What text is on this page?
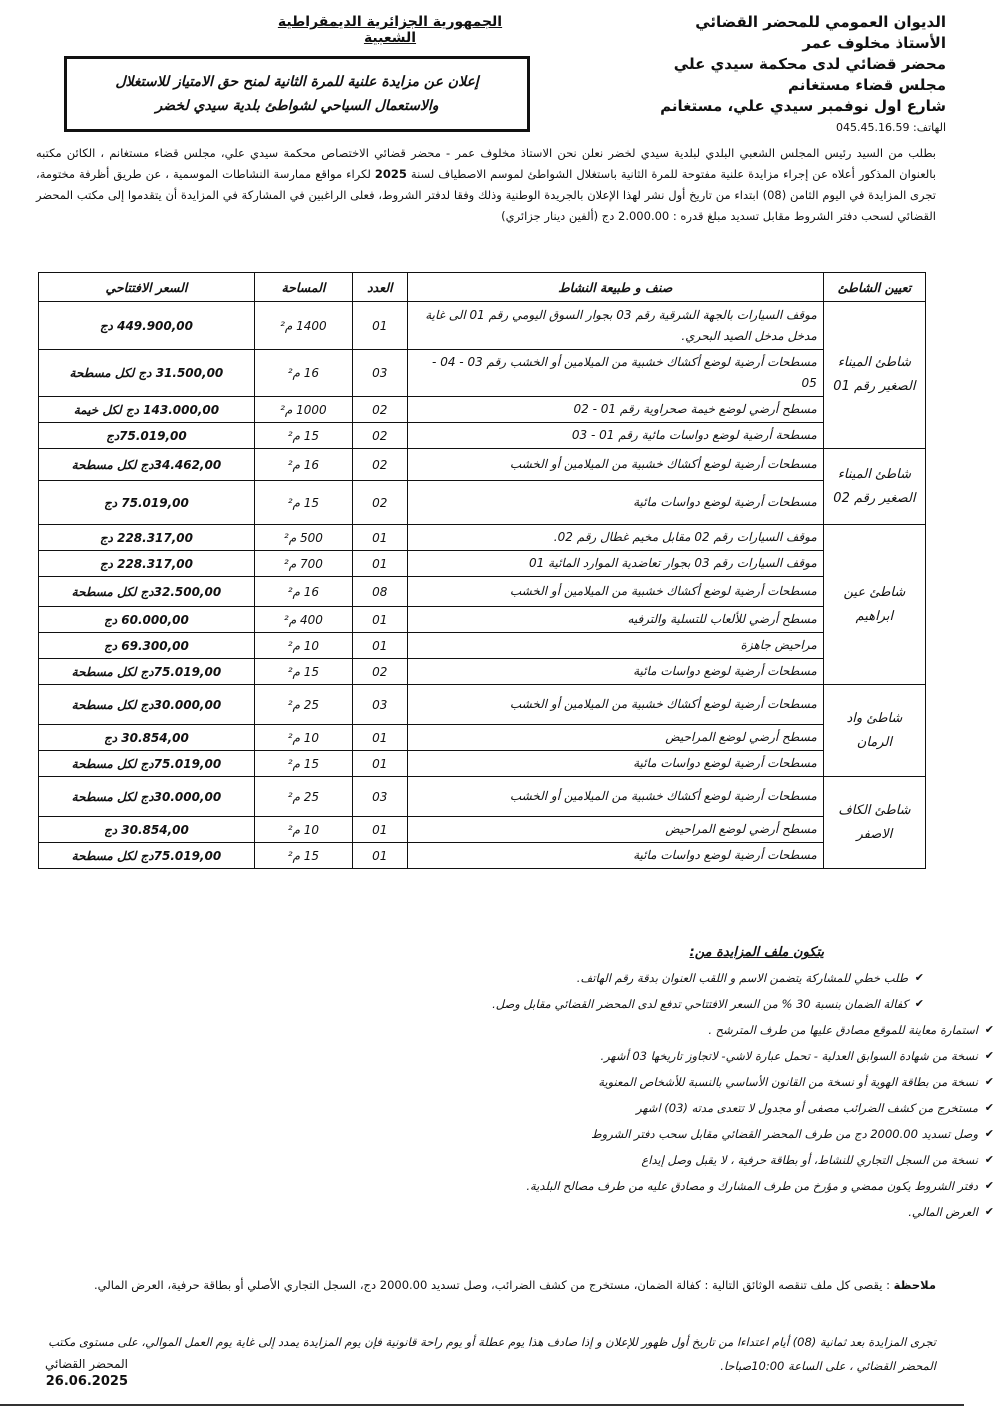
الديوان العمومي للمحضر القضائي
الأستاذ مخلوف عمر
محضر قضائي لدى محكمة سيدي علي
مجلس قضاء مستغانم
شارع اول نوفمبر سيدي علي، مستغانم
الهاتف: 045.45.16.59
الجمهورية الجزائرية الديمقراطية الشعبية
إعلان عن مزايدة علنية للمرة الثانية لمنح حق الامتياز للاستغلال
والاستعمال السياحي لشواطئ بلدية سيدي لخضر
بطلب من السيد رئيس المجلس الشعبي البلدي لبلدية سيدي لخضر نعلن نحن الاستاذ مخلوف عمر - محضر قضائي الاختصاص محكمة سيدي علي، مجلس قضاء مستغانم ، الكائن مكتبه بالعنوان المذكور أعلاه عن إجراء مزايدة علنية مفتوحة للمرة الثانية باستغلال الشواطئ لموسم الاصطياف لسنة 2025 لكراء مواقع ممارسة النشاطات الموسمية ، عن طريق أظرفة مختومة، تجرى المزايدة في اليوم الثامن (08) ابتداء من تاريخ أول نشر لهذا الإعلان بالجريدة الوطنية وذلك وفقا لدفتر الشروط، فعلى الراغبين في المشاركة في المزايدة أن يتقدموا إلى مكتب المحضر القضائي لسحب دفتر الشروط مقابل تسديد مبلغ قدره : 2.000.00 دج (ألفين دينار جزائري)
تعيين الشاطئ	صنف و طبيعة النشاط	العدد	المساحة	السعر الافتتاحي
شاطئ الميناء الصغير رقم 01	موقف السيارات بالجهة الشرقية رقم 03 بجوار السوق اليومي رقم 01 الى غاية مدخل مدخل الصيد البحري.	01	1400 م²	449.900,00 دج
	مسطحات أرضية لوضع أكشاك خشبية من الميلامين أو الخشب رقم 03 - 04 - 05	03	16 م²	31.500,00 دج لكل مسطحة
	مسطح أرضي لوضع خيمة صحراوية رقم 01 - 02	02	1000 م²	143.000,00 دج لكل خيمة
	مسطحة أرضية لوضع دواسات مائية رقم 01 - 03	02	15 م²	75.019,00دج
شاطئ الميناء الصغير رقم 02	مسطحات أرضية لوضع أكشاك خشبية من الميلامين أو الخشب	02	16 م²	34.462,00دج لكل مسطحة
	مسطحات أرضية لوضع دواسات مائية	02	15 م²	75.019,00 دج
شاطئ عين ابراهيم	موقف السيارات رقم 02 مقابل مخيم غطال رقم 02.	01	500 م²	228.317,00 دج
	موقف السيارات رقم 03 بجوار تعاضدية الموارد المائية 01	01	700 م²	228.317,00 دج
	مسطحات أرضية لوضع أكشاك خشبية من الميلامين أو الخشب	08	16 م²	32.500,00دج لكل مسطحة
	مسطح أرضي للألعاب للتسلية والترفيه	01	400 م²	60.000,00 دج
	مراحيض جاهزة	01	10 م²	69.300,00 دج
	مسطحات أرضية لوضع دواسات مائية	02	15 م²	75.019,00دج لكل مسطحة
شاطئ واد الرمان	مسطحات أرضية لوضع أكشاك خشبية من الميلامين أو الخشب	03	25 م²	30.000,00دج لكل مسطحة
	مسطح أرضي لوضع المراحيض	01	10 م²	30.854,00 دج
	مسطحات أرضية لوضع دواسات مائية	01	15 م²	75.019,00دج لكل مسطحة
شاطئ الكاف الاصفر	مسطحات أرضية لوضع أكشاك خشبية من الميلامين أو الخشب	03	25 م²	30.000,00دج لكل مسطحة
	مسطح أرضي لوضع المراحيض	01	10 م²	30.854,00 دج
	مسطحات أرضية لوضع دواسات مائية	01	15 م²	75.019,00دج لكل مسطحة
يتكون ملف المزايدة من:
✔ طلب خطي للمشاركة يتضمن الاسم و اللقب العنوان بدقة رقم الهاتف.
✔ كفالة الضمان بنسبة 30 % من السعر الافتتاحي تدفع لدى المحضر القضائي مقابل وصل.
✔ استمارة معاينة للموقع مصادق عليها من طرف المترشح .
✔ نسخة من شهادة السوابق العدلية - تحمل عبارة لاشي- لاتجاوز تاريخها 03 أشهر.
✔ نسخة من بطاقة الهوية أو نسخة من القانون الأساسي بالنسبة للأشخاص المعنوية
✔ مستخرج من كشف الضرائب مصفى أو مجدول لا تتعدى مدته (03) اشهر
✔ وصل تسديد 2000.00 دج من طرف المحضر القضائي مقابل سحب دفتر الشروط
✔ نسخة من السجل التجاري للنشاط، أو بطاقة حرفية ، لا يقبل وصل إيداع
✔ دفتر الشروط يكون ممضي و مؤرخ من طرف المشارك و مصادق عليه من طرف مصالح البلدية.
✔ العرض المالي.
ملاحظة : يقصى كل ملف تنقصه الوثائق التالية : كفالة الضمان، مستخرج من كشف الضرائب، وصل تسديد 2000.00 دج، السجل التجاري الأصلي أو بطاقة حرفية، العرض المالي.
تجرى المزايدة بعد ثمانية (08) أيام اعتداءا من تاريخ أول ظهور للإعلان و إذا صادف هذا يوم عطلة أو يوم راحة قانونية فإن يوم المزايدة يمدد إلى غاية يوم العمل الموالي، على مستوى مكتب المحضر القضائي ، على الساعة 10:00صباحا.
المحضر القضائي
26.06.2025
